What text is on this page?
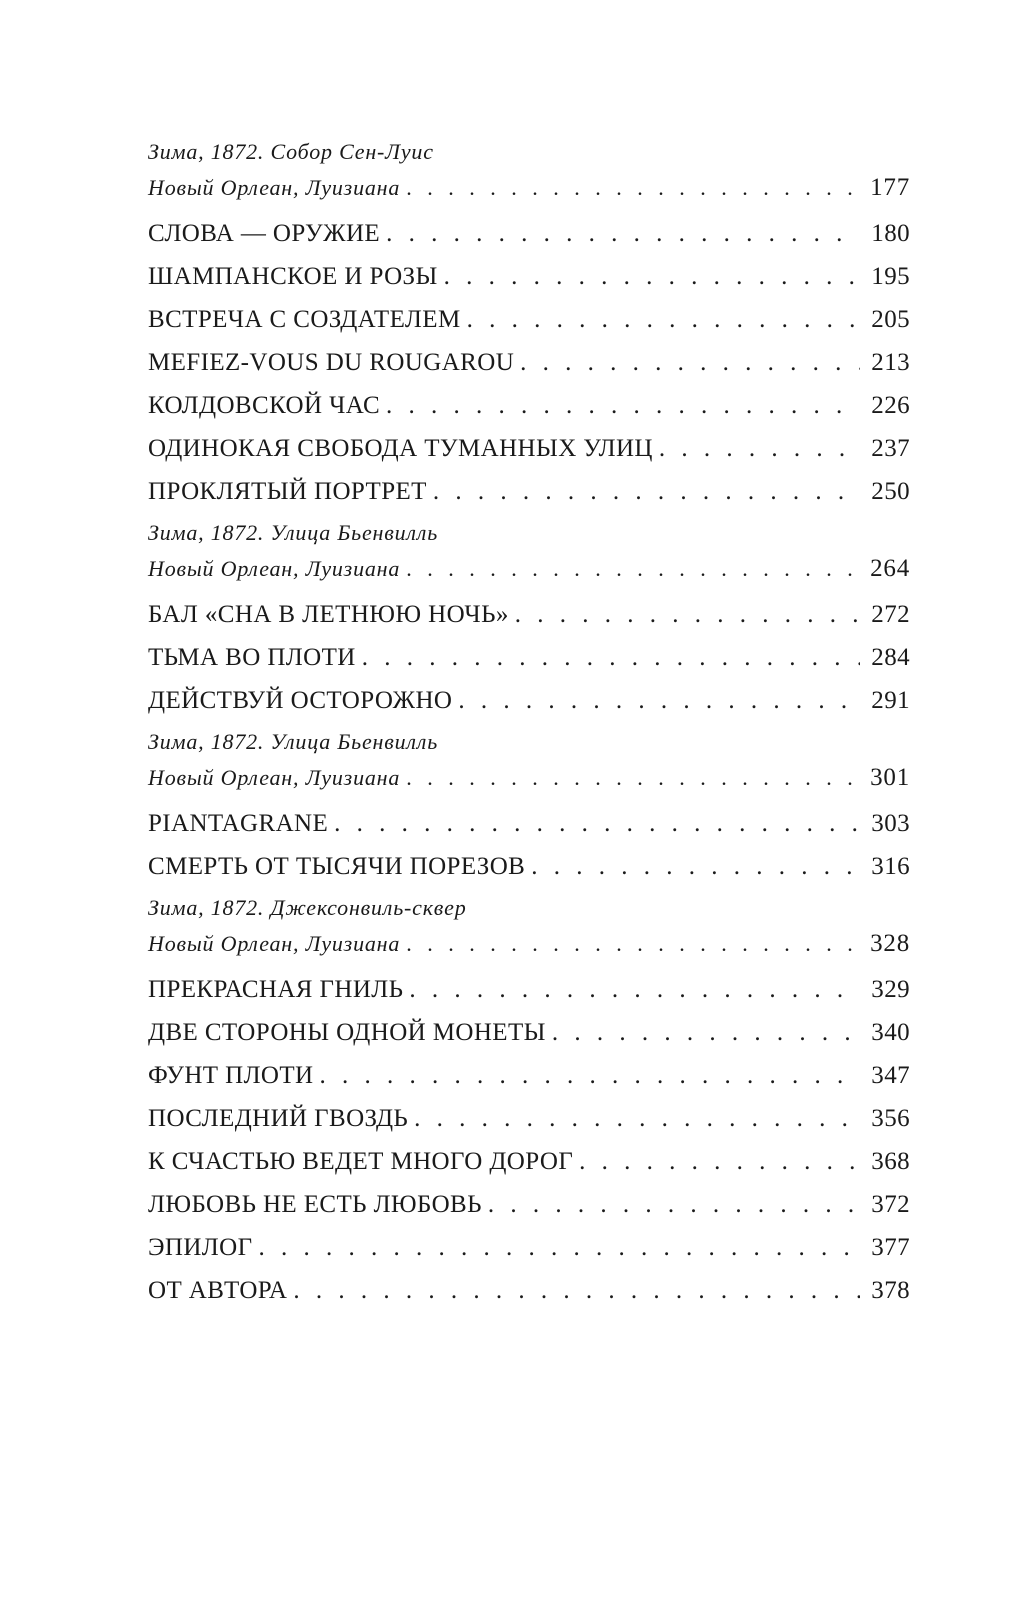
Зима, 1872. Собор Сен-Луис
Новый Орлеан, Луизиана . . .	177
СЛОВА — ОРУЖИЕ . . .	180
ШАМПАНСКОЕ И РОЗЫ . . .	195
ВСТРЕЧА С СОЗДАТЕЛЕМ . . .	205
MEFIEZ-VOUS DU ROUGAROU . . .	213
КОЛДОВСКОЙ ЧАС . . .	226
ОДИНОКАЯ СВОБОДА ТУМАННЫХ УЛИЦ . . .	237
ПРОКЛЯТЫЙ ПОРТРЕТ . . .	250
Зима, 1872. Улица Бьенвилль
Новый Орлеан, Луизиана . . .	264
БАЛ «СНА В ЛЕТНЮЮ НОЧЬ» . . .	272
ТЬМА ВО ПЛОТИ . . .	284
ДЕЙСТВУЙ ОСТОРОЖНО . . .	291
Зима, 1872. Улица Бьенвилль
Новый Орлеан, Луизиана . . .	301
PIANTAGRANE . . .	303
СМЕРТЬ ОТ ТЫСЯЧИ ПОРЕЗОВ . . .	316
Зима, 1872. Джексонвиль-сквер
Новый Орлеан, Луизиана . . .	328
ПРЕКРАСНАЯ ГНИЛЬ . . .	329
ДВЕ СТОРОНЫ ОДНОЙ МОНЕТЫ . . .	340
ФУНТ ПЛОТИ . . .	347
ПОСЛЕДНИЙ ГВОЗДЬ . . .	356
К СЧАСТЬЮ ВЕДЕТ МНОГО ДОРОГ . . .	368
ЛЮБОВЬ НЕ ЕСТЬ ЛЮБОВЬ . . .	372
ЭПИЛОГ . . .	377
ОТ АВТОРА . . .	378
